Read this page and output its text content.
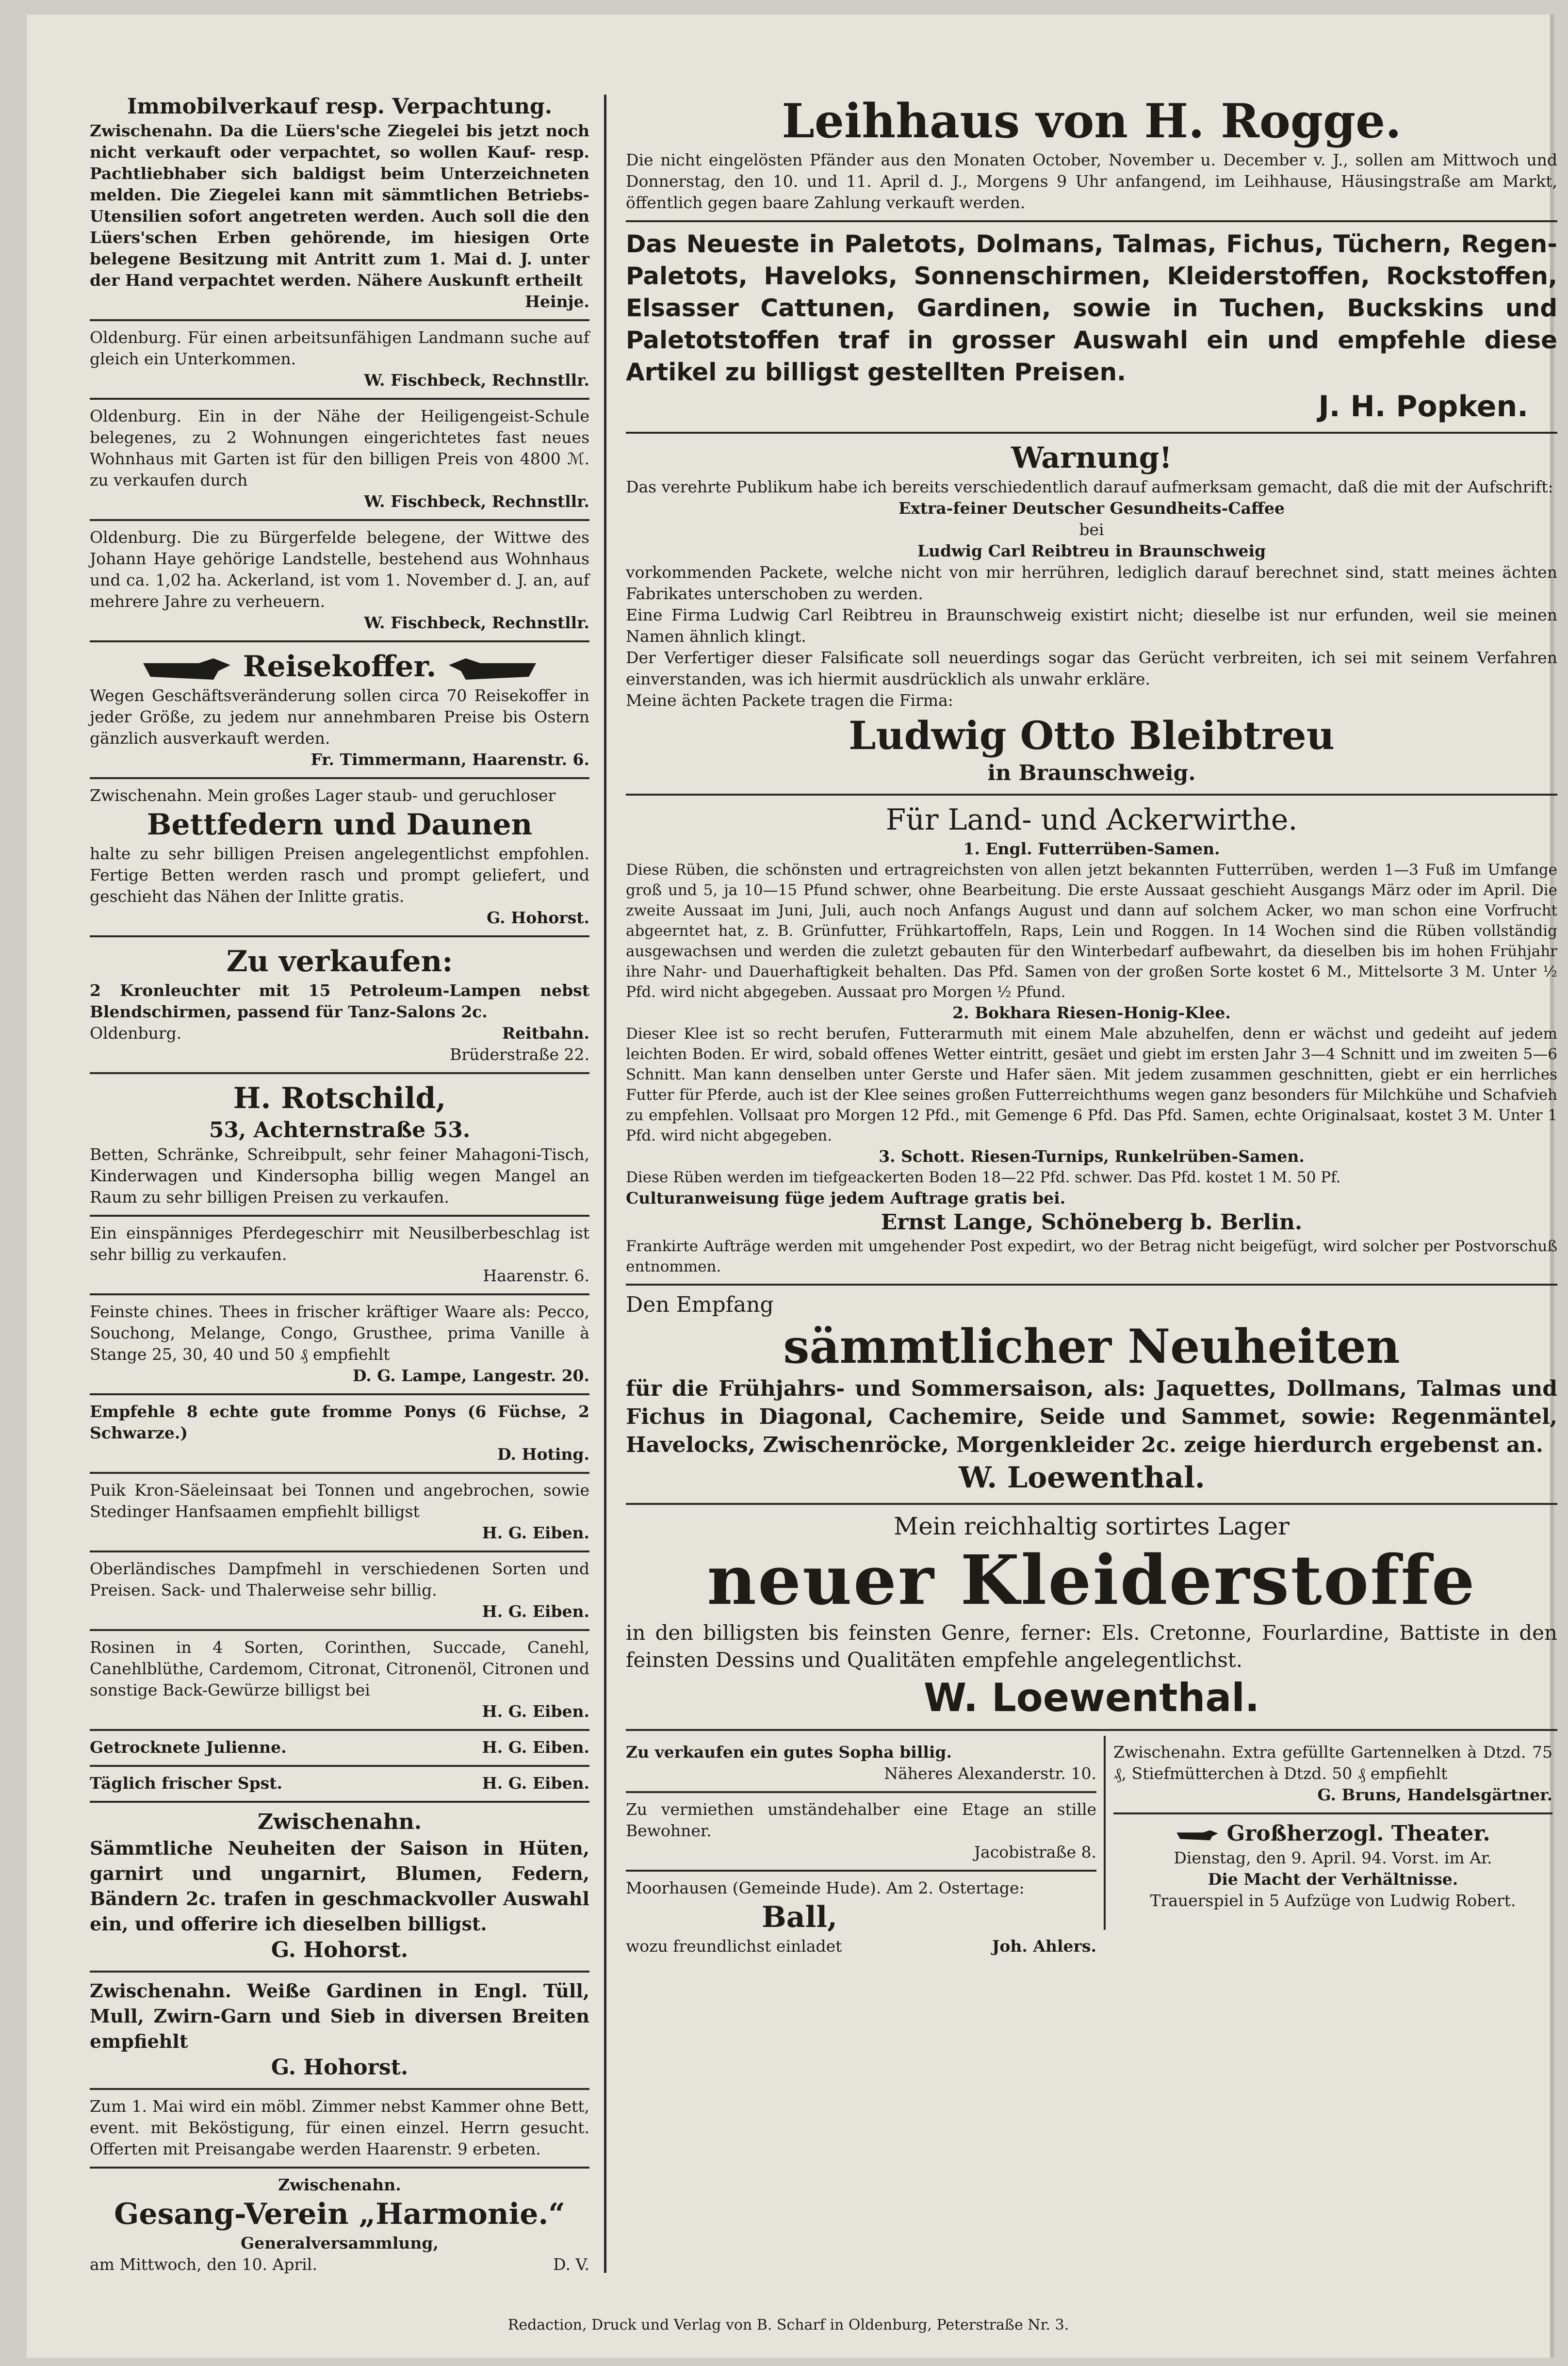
Immobilverkauf resp. Verpachtung.

Zwischenahn. Da die Lüers'sche Ziegelei bis jetzt noch nicht verkauft oder verpachtet, so wollen Kauf- resp. Pachtliebhaber sich baldigst beim Unterzeichneten melden. Die Ziegelei kann mit sämmtlichen Betriebs-Utensilien sofort angetreten werden. Auch soll die den Lüers'schen Erben gehörende, im hiesigen Orte belegene Besitzung mit Antritt zum 1. Mai d. J. unter der Hand verpachtet werden. Nähere Auskunft ertheilt

Heinje.

Oldenburg. Für einen arbeitsunfähigen Landmann suche auf gleich ein Unterkommen.

W. Fischbeck, Rechnstllr.

Oldenburg. Ein in der Nähe der Heiligengeist-Schule belegenes, zu 2 Wohnungen eingerichtetes fast neues Wohnhaus mit Garten ist für den billigen Preis von 4800 ℳ. zu verkaufen durch

W. Fischbeck, Rechnstllr.

Oldenburg. Die zu Bürgerfelde belegene, der Wittwe des Johann Haye gehörige Landstelle, bestehend aus Wohnhaus und ca. 1,02 ha. Ackerland, ist vom 1. November d. J. an, auf mehrere Jahre zu verheuern.

W. Fischbeck, Rechnstllr.

Reisekoffer.

Wegen Geschäftsveränderung sollen circa 70 Reisekoffer in jeder Größe, zu jedem nur annehmbaren Preise bis Ostern gänzlich ausverkauft werden.

Fr. Timmermann, Haarenstr. 6.

Zwischenahn. Mein großes Lager staub- und geruchloser

Bettfedern und Daunen

halte zu sehr billigen Preisen angelegentlichst empfohlen. Fertige Betten werden rasch und prompt geliefert, und geschieht das Nähen der Inlitte gratis.

G. Hohorst.

Zu verkaufen:

2 Kronleuchter mit 15 Petroleum-Lampen nebst Blendschirmen, passend für Tanz-Salons 2c.

Oldenburg.	Reitbahn.

Brüderstraße 22.

H. Rotschild,

53, Achternstraße 53.

Betten, Schränke, Schreibpult, sehr feiner Mahagoni-Tisch, Kinderwagen und Kindersopha billig wegen Mangel an Raum zu sehr billigen Preisen zu verkaufen.

Ein einspänniges Pferdegeschirr mit Neusilberbeschlag ist sehr billig zu verkaufen.

Haarenstr. 6.

Feinste chines. Thees in frischer kräftiger Waare als: Pecco, Souchong, Melange, Congo, Grusthee, prima Vanille à Stange 25, 30, 40 und 50 ₰ empfiehlt

D. G. Lampe, Langestr. 20.

Empfehle 8 echte gute fromme Ponys (6 Füchse, 2 Schwarze.)

D. Hoting.

Puik Kron-Säeleinsaat bei Tonnen und angebrochen, sowie Stedinger Hanfsaamen empfiehlt billigst

H. G. Eiben.

Oberländisches Dampfmehl in verschiedenen Sorten und Preisen. Sack- und Thalerweise sehr billig.

H. G. Eiben.

Rosinen in 4 Sorten, Corinthen, Succade, Canehl, Canehlblüthe, Cardemom, Citronat, Citronenöl, Citronen und sonstige Back-Gewürze billigst bei

H. G. Eiben.

Getrocknete Julienne.	H. G. Eiben.

Täglich frischer Spst.	H. G. Eiben.

Zwischenahn.

Sämmtliche Neuheiten der Saison in Hüten, garnirt und ungarnirt, Blumen, Federn, Bändern 2c. trafen in geschmackvoller Auswahl ein, und offerire ich dieselben billigst.

G. Hohorst.

Zwischenahn. Weiße Gardinen in Engl. Tüll, Mull, Zwirn-Garn und Sieb in diversen Breiten empfiehlt

G. Hohorst.

Zum 1. Mai wird ein möbl. Zimmer nebst Kammer ohne Bett, event. mit Beköstigung, für einen einzel. Herrn gesucht. Offerten mit Preisangabe werden Haarenstr. 9 erbeten.

Zwischenahn.

Gesang-Verein „Harmonie.“

Generalversammlung,

am Mittwoch, den 10. April.	D. V.

Leihhaus von H. Rogge.

Die nicht eingelösten Pfänder aus den Monaten October, November u. December v. J., sollen am Mittwoch und Donnerstag, den 10. und 11. April d. J., Morgens 9 Uhr anfangend, im Leihhause, Häusingstraße am Markt, öffentlich gegen baare Zahlung verkauft werden.

Das Neueste in Paletots, Dolmans, Talmas, Fichus, Tüchern, Regen-Paletots, Haveloks, Sonnenschirmen, Kleiderstoffen, Rockstoffen, Elsasser Cattunen, Gardinen, sowie in Tuchen, Buckskins und Paletotstoffen traf in grosser Auswahl ein und empfehle diese Artikel zu billigst gestellten Preisen.

J. H. Popken.

Warnung!

Das verehrte Publikum habe ich bereits verschiedentlich darauf aufmerksam gemacht, daß die mit der Aufschrift:

Extra-feiner Deutscher Gesundheits-Caffee

bei

Ludwig Carl Reibtreu in Braunschweig

vorkommenden Packete, welche nicht von mir herrühren, lediglich darauf berechnet sind, statt meines ächten Fabrikates unterschoben zu werden.

Eine Firma Ludwig Carl Reibtreu in Braunschweig existirt nicht; dieselbe ist nur erfunden, weil sie meinen Namen ähnlich klingt.

Der Verfertiger dieser Falsificate soll neuerdings sogar das Gerücht verbreiten, ich sei mit seinem Verfahren einverstanden, was ich hiermit ausdrücklich als unwahr erkläre.

Meine ächten Packete tragen die Firma:

Ludwig Otto Bleibtreu

in Braunschweig.

Für Land- und Ackerwirthe.

1. Engl. Futterrüben-Samen.

Diese Rüben, die schönsten und ertragreichsten von allen jetzt bekannten Futterrüben, werden 1—3 Fuß im Umfange groß und 5, ja 10—15 Pfund schwer, ohne Bearbeitung. Die erste Aussaat geschieht Ausgangs März oder im April. Die zweite Aussaat im Juni, Juli, auch noch Anfangs August und dann auf solchem Acker, wo man schon eine Vorfrucht abgeerntet hat, z. B. Grünfutter, Frühkartoffeln, Raps, Lein und Roggen. In 14 Wochen sind die Rüben vollständig ausgewachsen und werden die zuletzt gebauten für den Winterbedarf aufbewahrt, da dieselben bis im hohen Frühjahr ihre Nahr- und Dauerhaftigkeit behalten. Das Pfd. Samen von der großen Sorte kostet 6 M., Mittelsorte 3 M. Unter ½ Pfd. wird nicht abgegeben. Aussaat pro Morgen ½ Pfund.

2. Bokhara Riesen-Honig-Klee.

Dieser Klee ist so recht berufen, Futterarmuth mit einem Male abzuhelfen, denn er wächst und gedeiht auf jedem leichten Boden. Er wird, sobald offenes Wetter eintritt, gesäet und giebt im ersten Jahr 3—4 Schnitt und im zweiten 5—6 Schnitt. Man kann denselben unter Gerste und Hafer säen. Mit jedem zusammen geschnitten, giebt er ein herrliches Futter für Pferde, auch ist der Klee seines großen Futterreichthums wegen ganz besonders für Milchkühe und Schafvieh zu empfehlen. Vollsaat pro Morgen 12 Pfd., mit Gemenge 6 Pfd. Das Pfd. Samen, echte Originalsaat, kostet 3 M. Unter 1 Pfd. wird nicht abgegeben.

3. Schott. Riesen-Turnips, Runkelrüben-Samen.

Diese Rüben werden im tiefgeackerten Boden 18—22 Pfd. schwer. Das Pfd. kostet 1 M. 50 Pf.

Culturanweisung füge jedem Auftrage gratis bei.

Ernst Lange, Schöneberg b. Berlin.

Frankirte Aufträge werden mit umgehender Post expedirt, wo der Betrag nicht beigefügt, wird solcher per Postvorschuß entnommen.

Den Empfang

sämmtlicher Neuheiten

für die Frühjahrs- und Sommersaison, als: Jaquettes, Dollmans, Talmas und Fichus in Diagonal, Cachemire, Seide und Sammet, sowie: Regenmäntel, Havelocks, Zwischenröcke, Morgenkleider 2c. zeige hierdurch ergebenst an.

W. Loewenthal.

Mein reichhaltig sortirtes Lager

neuer Kleiderstoffe

in den billigsten bis feinsten Genre, ferner: Els. Cretonne, Fourlardine, Battiste in den feinsten Dessins und Qualitäten empfehle angelegentlichst.

W. Loewenthal.

Zu verkaufen ein gutes Sopha billig.

Näheres Alexanderstr. 10.

Zu vermiethen umständehalber eine Etage an stille Bewohner.

Jacobistraße 8.

Moorhausen (Gemeinde Hude). Am 2. Ostertage:

Ball,

wozu freundlichst einladet	Joh. Ahlers.

Zwischenahn. Extra gefüllte Gartennelken à Dtzd. 75 ₰, Stiefmütterchen à Dtzd. 50 ₰ empfiehlt

G. Bruns, Handelsgärtner.

Großherzogl. Theater.

Dienstag, den 9. April. 94. Vorst. im Ar.

Die Macht der Verhältnisse.

Trauerspiel in 5 Aufzüge von Ludwig Robert.

Redaction, Druck und Verlag von B. Scharf in Oldenburg, Peterstraße Nr. 3.
